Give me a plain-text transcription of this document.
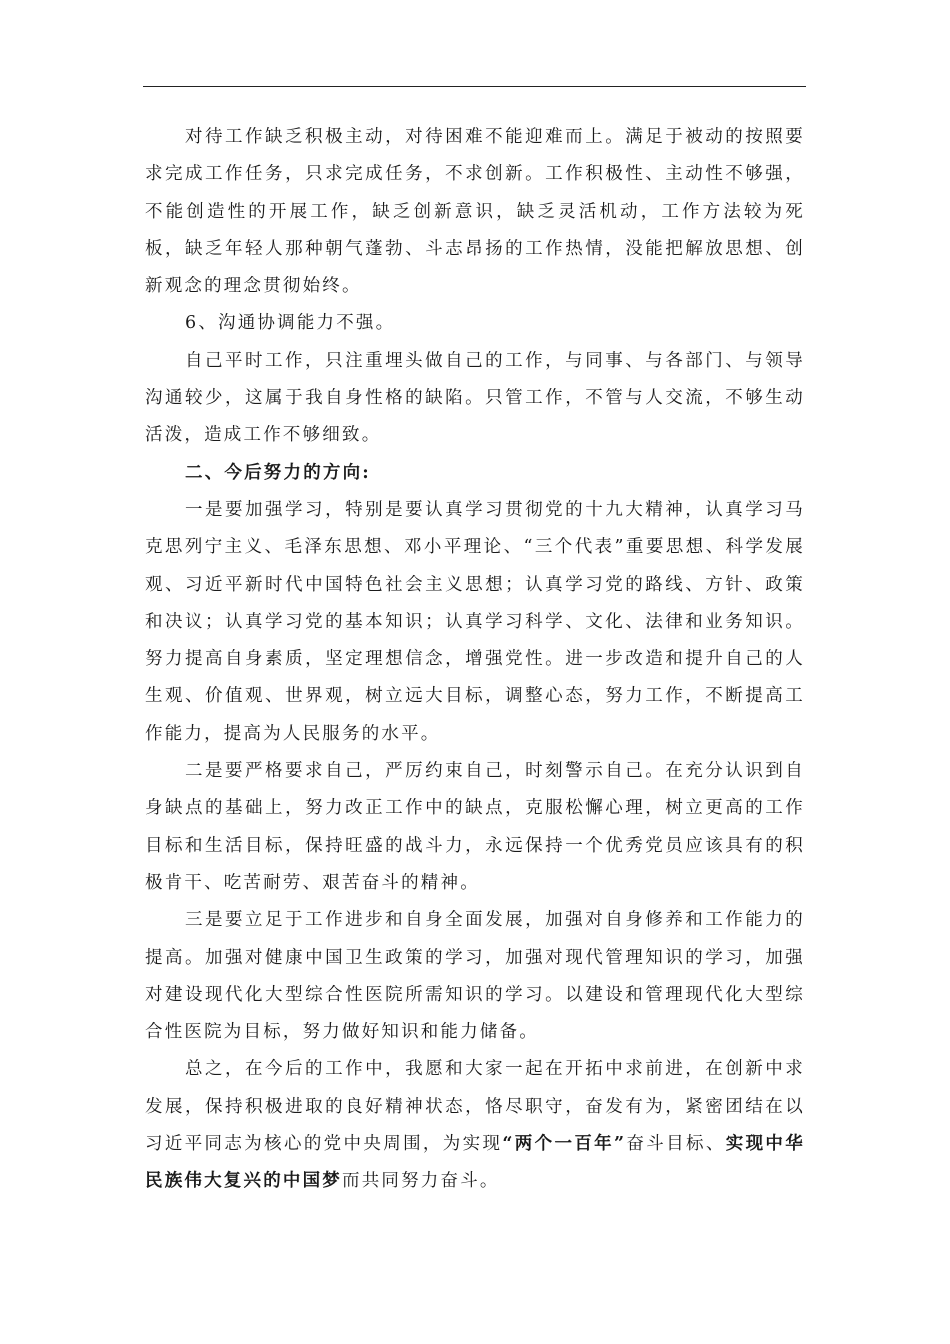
对待工作缺乏积极主动，对待困难不能迎难而上。满足于被动的按照要求完成工作任务，只求完成任务，不求创新。工作积极性、主动性不够强，不能创造性的开展工作，缺乏创新意识，缺乏灵活机动，工作方法较为死板，缺乏年轻人那种朝气蓬勃、斗志昂扬的工作热情，没能把解放思想、创新观念的理念贯彻始终。

6、沟通协调能力不强。

自己平时工作，只注重埋头做自己的工作，与同事、与各部门、与领导沟通较少，这属于我自身性格的缺陷。只管工作，不管与人交流，不够生动活泼，造成工作不够细致。

二、今后努力的方向:

一是要加强学习，特别是要认真学习贯彻党的十九大精神，认真学习马克思列宁主义、毛泽东思想、邓小平理论、“三个代表”重要思想、科学发展观、习近平新时代中国特色社会主义思想；认真学习党的路线、方针、政策和决议；认真学习党的基本知识；认真学习科学、文化、法律和业务知识。努力提高自身素质，坚定理想信念，增强党性。进一步改造和提升自己的人生观、价值观、世界观，树立远大目标，调整心态，努力工作，不断提高工作能力，提高为人民服务的水平。

二是要严格要求自己，严厉约束自己，时刻警示自己。在充分认识到自身缺点的基础上，努力改正工作中的缺点，克服松懈心理，树立更高的工作目标和生活目标，保持旺盛的战斗力，永远保持一个优秀党员应该具有的积极肯干、吃苦耐劳、艰苦奋斗的精神。

三是要立足于工作进步和自身全面发展，加强对自身修养和工作能力的提高。加强对健康中国卫生政策的学习，加强对现代管理知识的学习，加强对建设现代化大型综合性医院所需知识的学习。以建设和管理现代化大型综合性医院为目标，努力做好知识和能力储备。

总之，在今后的工作中，我愿和大家一起在开拓中求前进，在创新中求发展，保持积极进取的良好精神状态，恪尽职守，奋发有为，紧密团结在以习近平同志为核心的党中央周围，为实现“两个一百年”奋斗目标、实现中华民族伟大复兴的中国梦而共同努力奋斗。
